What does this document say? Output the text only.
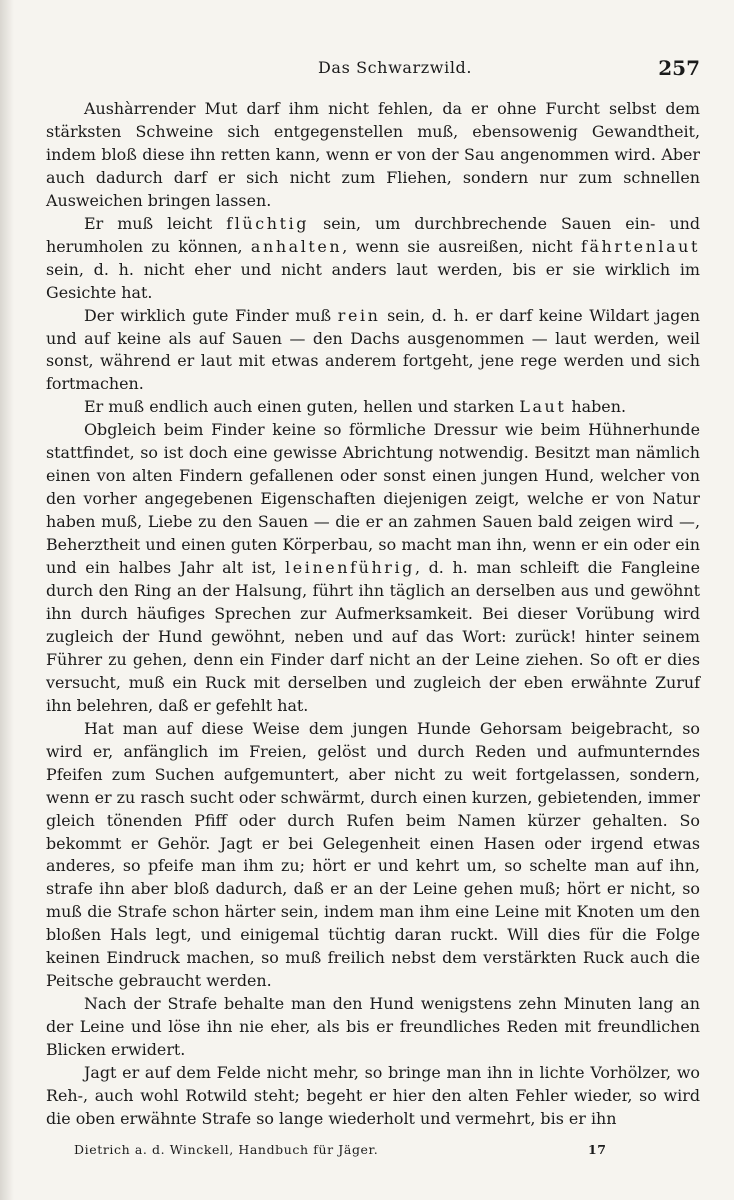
Das Schwarzwild.	257

Aushàrrender Mut darf ihm nicht fehlen, da er ohne Furcht selbst dem stärksten Schweine sich entgegenstellen muß, ebensowenig Gewandtheit, indem bloß diese ihn retten kann, wenn er von der Sau angenommen wird. Aber auch dadurch darf er sich nicht zum Fliehen, sondern nur zum schnellen Ausweichen bringen lassen.

Er muß leicht flüchtig sein, um durchbrechende Sauen ein- und herumholen zu können, anhalten, wenn sie ausreißen, nicht fährtenlaut sein, d. h. nicht eher und nicht anders laut werden, bis er sie wirklich im Gesichte hat.

Der wirklich gute Finder muß rein sein, d. h. er darf keine Wildart jagen und auf keine als auf Sauen — den Dachs ausgenommen — laut werden, weil sonst, während er laut mit etwas anderem fortgeht, jene rege werden und sich fortmachen.

Er muß endlich auch einen guten, hellen und starken Laut haben.

Obgleich beim Finder keine so förmliche Dressur wie beim Hühnerhunde stattfindet, so ist doch eine gewisse Abrichtung notwendig. Besitzt man nämlich einen von alten Findern gefallenen oder sonst einen jungen Hund, welcher von den vorher angegebenen Eigenschaften diejenigen zeigt, welche er von Natur haben muß, Liebe zu den Sauen — die er an zahmen Sauen bald zeigen wird —, Beherztheit und einen guten Körperbau, so macht man ihn, wenn er ein oder ein und ein halbes Jahr alt ist, leinenführig, d. h. man schleift die Fangleine durch den Ring an der Halsung, führt ihn täglich an derselben aus und gewöhnt ihn durch häufiges Sprechen zur Aufmerksamkeit. Bei dieser Vorübung wird zugleich der Hund gewöhnt, neben und auf das Wort: zurück! hinter seinem Führer zu gehen, denn ein Finder darf nicht an der Leine ziehen. So oft er dies versucht, muß ein Ruck mit derselben und zugleich der eben erwähnte Zuruf ihn belehren, daß er gefehlt hat.

Hat man auf diese Weise dem jungen Hunde Gehorsam beigebracht, so wird er, anfänglich im Freien, gelöst und durch Reden und aufmunterndes Pfeifen zum Suchen aufgemuntert, aber nicht zu weit fortgelassen, sondern, wenn er zu rasch sucht oder schwärmt, durch einen kurzen, gebietenden, immer gleich tönenden Pfiff oder durch Rufen beim Namen kürzer gehalten. So bekommt er Gehör. Jagt er bei Gelegenheit einen Hasen oder irgend etwas anderes, so pfeife man ihm zu; hört er und kehrt um, so schelte man auf ihn, strafe ihn aber bloß dadurch, daß er an der Leine gehen muß; hört er nicht, so muß die Strafe schon härter sein, indem man ihm eine Leine mit Knoten um den bloßen Hals legt, und einigemal tüchtig daran ruckt. Will dies für die Folge keinen Eindruck machen, so muß freilich nebst dem verstärkten Ruck auch die Peitsche gebraucht werden.

Nach der Strafe behalte man den Hund wenigstens zehn Minuten lang an der Leine und löse ihn nie eher, als bis er freundliches Reden mit freundlichen Blicken erwidert.

Jagt er auf dem Felde nicht mehr, so bringe man ihn in lichte Vorhölzer, wo Reh-, auch wohl Rotwild steht; begeht er hier den alten Fehler wieder, so wird die oben erwähnte Strafe so lange wiederholt und vermehrt, bis er ihn

Dietrich a. d. Winckell, Handbuch für Jäger.	17
